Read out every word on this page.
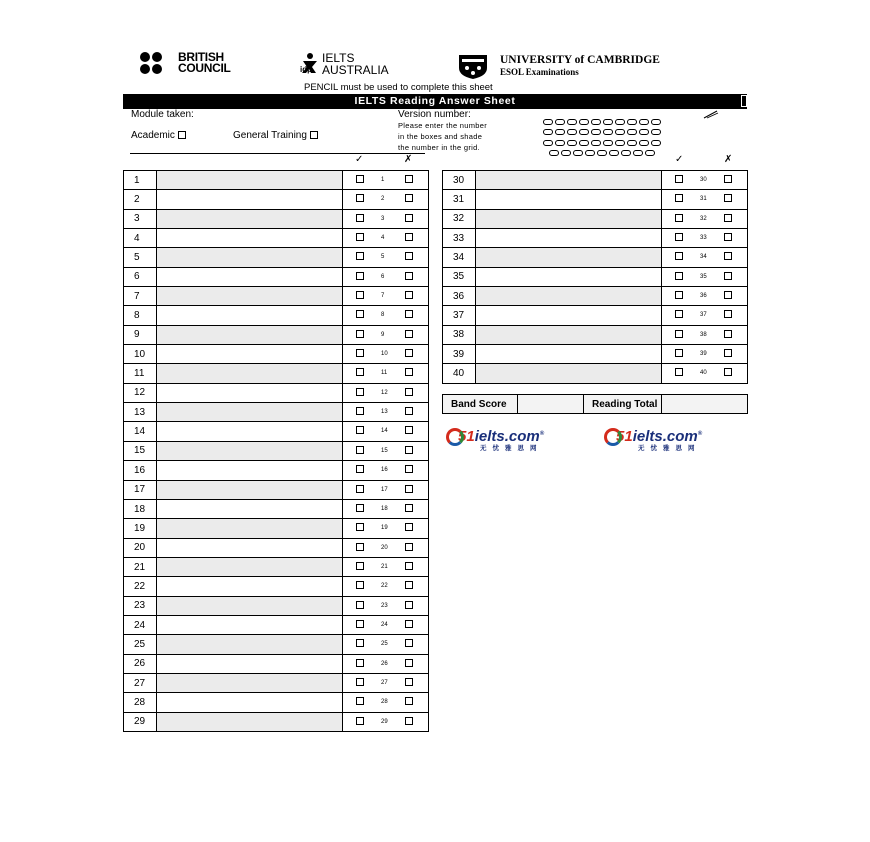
BRITISH
COUNCIL
IELTS
AUSTRALIA
idp
UNIVERSITY of CAMBRIDGE
ESOL Examinations
PENCIL must be used to complete this sheet
IELTS Reading Answer Sheet
Module taken:
Academic	General Training
Version number:
Please enter the number
in the boxes and shade
the number in the grid.
✓	✗	✓	✗
1		1

2		2

3		3

4		4

5		5

6		6

7		7

8		8

9		9

10		10

11		11

12		12

13		13

14		14

15		15

16		16

17		17

18		18

19		19

20		20

21		21

22		22

23		23

24		24

25		25

26		26

27		27

28		28

29		29
30		30

31		31

32		32

33		33

34		34

35		35

36		36

37		37

38		38

39		39

40		40
Band Score		Reading Total	
51ielts.com®
无忧雅思网
51ielts.com®
无忧雅思网
